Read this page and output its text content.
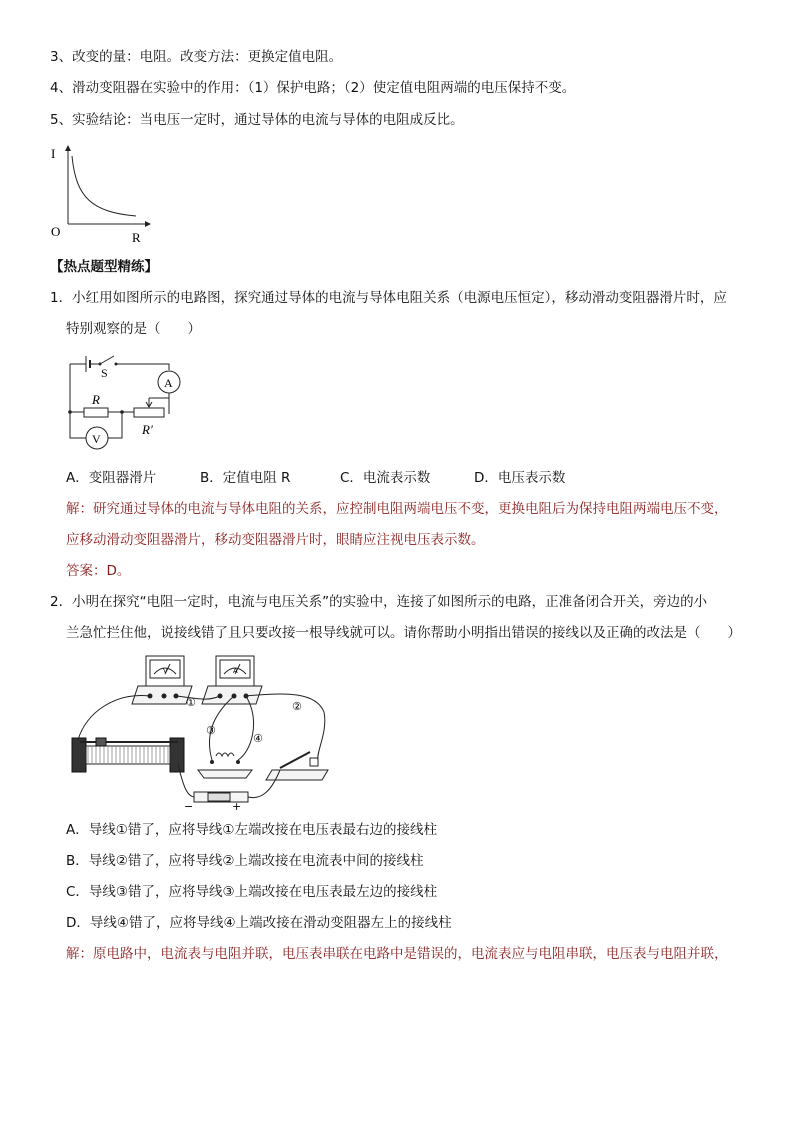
3、改变的量：电阻。改变方法：更换定值电阻。
4、滑动变阻器在实验中的作用：（1）保护电路；（2）使定值电阻两端的电压保持不变。
5、实验结论：当电压一定时，通过导体的电流与导体的电阻成反比。
I
O	R
【热点题型精练】
1．小红用如图所示的电路图，探究通过导体的电流与导体电阻关系（电源电压恒定），移动滑动变阻器滑片时，应
特别观察的是（　　）
S
A
R′
R
V
A．变阻器滑片	B．定值电阻 R	C．电流表示数	D．电压表示数
解：研究通过导体的电流与导体电阻的关系，应控制电阻两端电压不变，更换电阻后为保持电阻两端电压不变，
应移动滑动变阻器滑片，移动变阻器滑片时，眼睛应注视电压表示数。
答案：D。
2．小明在探究“电阻一定时，电流与电压关系”的实验中，连接了如图所示的电路，正准备闭合开关，旁边的小
兰急忙拦住他，说接线错了且只要改接一根导线就可以。请你帮助小明指出错误的接线以及正确的改法是（　　）
V	A
①	②
③
④
−	+
A．导线①错了，应将导线①左端改接在电压表最右边的接线柱
B．导线②错了，应将导线②上端改接在电流表中间的接线柱
C．导线③错了，应将导线③上端改接在电压表最左边的接线柱
D．导线④错了，应将导线④上端改接在滑动变阻器左上的接线柱
解：原电路中，电流表与电阻并联，电压表串联在电路中是错误的，电流表应与电阻串联，电压表与电阻并联，
